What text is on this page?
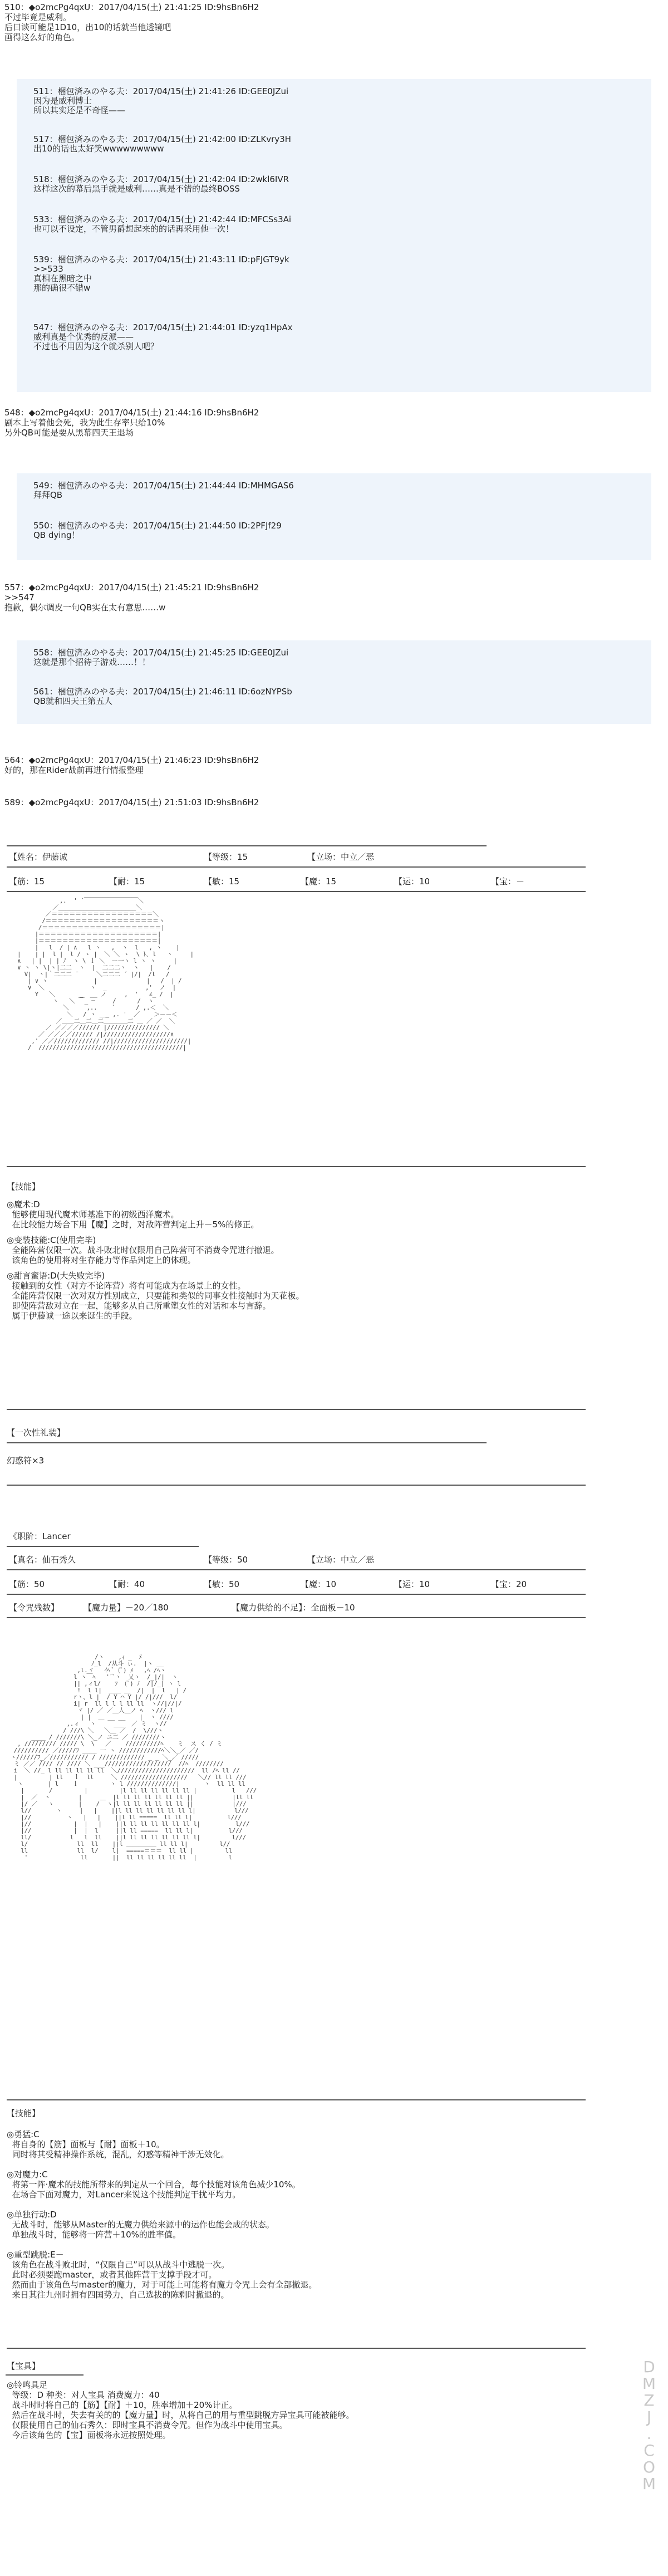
510：◆o2mcPg4qxU：2017/04/15(土) 21:41:25 ID:9hsBn6H2
不过毕竟是威利。
后日谈可能是1D10，出10的话就当他透镜吧
画得这么好的角色。
511：梱包済みのやる夫：2017/04/15(土) 21:41:26 ID:GEE0JZui
因为是威利博士
所以其实还是不奇怪——
517：梱包済みのやる夫：2017/04/15(土) 21:42:00 ID:ZLKvry3H
出10的话也太好笑wwwwwwwww
518：梱包済みのやる夫：2017/04/15(土) 21:42:04 ID:2wkl6IVR
这样这次的幕后黑手就是威利……真是不错的最终BOSS
533：梱包済みのやる夫：2017/04/15(土) 21:42:44 ID:MFCSs3Ai
也可以不设定，不管男爵想起来的的话再采用他一次！
539：梱包済みのやる夫：2017/04/15(土) 21:43:11 ID:pFJGT9yk
>>533
真相在黑暗之中
那的确很不错w
547：梱包済みのやる夫：2017/04/15(土) 21:44:01 ID:yzq1HpAx
威利真是个优秀的反派——
不过也不用因为这个就杀别人吧？
548：◆o2mcPg4qxU：2017/04/15(土) 21:44:16 ID:9hsBn6H2
剧本上写着他会死，我为此生存率只给10%
另外QB可能是要从黑幕四天王退场
549：梱包済みのやる夫：2017/04/15(土) 21:44:44 ID:MHMGAS6
拜拜QB
550：梱包済みのやる夫：2017/04/15(土) 21:44:50 ID:2PFJf29
QB dying！
557：◆o2mcPg4qxU：2017/04/15(土) 21:45:21 ID:9hsBn6H2
>>547
抱歉，偶尔调皮一句QB实在太有意思……w
558：梱包済みのやる夫：2017/04/15(土) 21:45:25 ID:GEE0JZui
这就是那个招待子游戏……！！
561：梱包済みのやる夫：2017/04/15(土) 21:46:11 ID:6ozNYPSb
QB就和四天王第五人
564：◆o2mcPg4qxU：2017/04/15(土) 21:46:23 ID:9hsBn6H2
好的，那在Rider战前再进行情报整理
589：◆o2mcPg4qxU：2017/04/15(土) 21:51:03 ID:9hsBn6H2
【姓名：伊藤诚	【等级：15	【立场：中立／恶
【筋：15	【耐：15	【敏：15	【魔：15	【运：10	【宝：－
,.  ' ´￣￣￣￣￣￣￣￣￣＼
／______________________＼
／＝＝＝＝＝＝＝＝＝＝＝＝＝＝＝＝＝＼
/＝＝＝＝＝＝＝＝＝＝＝＝＝＝＝＝＝＝＝ヽ
/＝＝＝＝＝＝＝＝＝＝＝＝＝＝＝＝＝＝＝＝|
|＝＝＝＝＝＝＝＝＝＝＝＝＝＝＝＝＝＝＝＝|
|＝＝＝＝＝＝＝＝＝＝＝＝＝＝＝＝＝＝＝＝|
|   l  / | ∧   l ヽ   ,  ヽ  l   , ヽ    |
|    | |  l |  l / ヽ |  ＼ ＼ ヽ  \ ﾄ､ l   ヽ     |
∧   | |  | | ﾉ  ヽ \ ｌ ＼  ー一ヽ l ヽ ヽ     |
∨ ヽ ヽ \|ヽ|二二  ヽ  |  二二二ヽ  ヽ   |    /
V|  ヽ|｀二二二 ̄      ＼二二二 ´ |/|  /l   /
| ∨ ヽ             |              |   /  | /
∨  ＼             ヽ  _           ,'  ノ  |
Y   ＼       _  __ ノ     ,  '   ∠_ /  |
ヽ   ＼ ￣_ ─     /      /  ヽ
＼     ,..    ´      / ,.＜  ＼
＼   / ヽ ＿_ ,. '  ／    ＞－－＜
／＿＿二＿二＿二＿＿＿＿二 ＿ ／ ／  ＼
／ ／／／／////// |/////////////// ＼
／ ／／／／////// /|///////////////////∧
,' ／／///////////// //|/////////////////////|
/  /////////////////////////////////////////|
【技能】
◎魔术:D
能够使用现代魔术师基准下的初级西洋魔术。
在比较能力场合下用【魔】之时，对敌阵营判定上升－5%的修正。
◎变装技能:C(使用完毕)
全能阵营仅限一次。战斗败北时仅限用自己阵营可不消费令咒进行撤退。
该角色的使用将对生存能力等作品判定上的体现。
◎甜言蜜语:D(大失败完毕)
接触到的女性（对方不论阵营）将有可能成为在场景上的女性。
全能阵营仅限一次对双方性别成立，只要能和类似的同事女性接触时为天花板。
即使阵营敌对立在一起，能够多从自己所重塑女性的对话和本与言辞。
属于伊藤诚一途以来诞生的手段。
【一次性礼装】
幻惑符×3
《职阶：Lancer
【真名：仙石秀久	【等级：50	【立场：中立／恶
【筋：50	【耐：40	【敏：50	【魔：10	【运：10	【宝：20
【令咒残数】	【魔力量】－20／180	【魔力供给的不足】：全面板－10
/ヽ    ,ｨ _  ﾒ
ﾉ_l  /从斗 ぃ.  |ヽ __
,l.ヾ   ｲﾍ ﾞ (ﾟ) ﾒ   ,ﾍ /ﾍヽ
l ヽ￣ﾍ   '´ﾞヽ  乂ヽ  /_|/|  ヽ
|| ,ィl/    ﾌ  (ﾟ) ﾉ  /|/_| ヽ l
!  l l|  ＿＿ ＿  /|  |  l   | /
rヽ、l |  / Y ⌒ Y |/ /|///  l/
i| r  ll l l l ll ll  ヽ//|//|/
ヾ |/ ／ ／＿人＿ノ ﾍ  ヽ/// l
| |  ＿ __ __    |  ヽ ////
,.ィ   ヽ     ___  ／ ミ  ヽ//
/ ///\ ＼   ＼＿ ／  /  \///ヽ
____ / ///////\ ＼_ノ ニ二 ／ ////////ヽ
, ///////// ///// \  \   ／    //////////ﾍ    ミ  ス く / ミ
////////// ／/////ﾌ ____ 一 ヽ ////////////ﾍ＼＼_／ ／/
ヽ//////ﾌ_／/////////// / ///////////// _ _ ＼_／ /////
ミ ／／ //// // //// ＼ ___///////////////////  //ﾍ  ////////
i  ＼ //_ l ll ll ll ll ll  ＼//////////////////////  ll /ﾍ ll //
|         | ll   ｌ  ll     ＼ ///////////////////   ＼// ll ll ///
ヽ       | l    ｌ         ヽ l //////////////|       ヽ  ll ll ll
|       /         |         |l ll ll ll ll ll ll |          l   ///
|  ／  ヽ        |     ＿  |l ll ll ll ll ll ll ||           |ll ll
|/ ／   ヽ       |    /  ヽ|l ll ll ll ll ll ll ||           |///
l//       ヽ     |   |    ||l ll ll ll ll ll ll l|           l///
|//          ヽ   |   |    ||l ll =====  ll ll l|          l///
|//            |  |   |    ||l ll ll ll ll ll ll l|          l///
|//            |  |  l     ||l ll =====  ll ll l|          l///
ll/           l   l  ll    ||l ll ll ll ll ll ll l|         l///
l/              ll  ll    ||l ＿＿＿＿＿ ll ll l|         l//
ll              ll  l/    l|  =====＝＝＝  ll ll |         ll
'               ll       ||  ll ll ll ll ll ll  |         l
【技能】
◎勇猛:C
将自身的【筋】面板与【耐】面板＋10。
同时将其受精神操作系统，混乱，幻惑等精神干涉无效化。
◎对魔力:C
将第一阵·魔术的技能所带来的判定从一个回合，每个技能对该角色减少10%。
在场合下面对魔力，对Lancer来说这个技能判定干扰平均力。
◎单独行动:D
无战斗时，能够从Master的无魔力供给来源中的运作也能会成的状态。
单独战斗时，能够将一阵营＋10%的胜率值。
◎重型跳脱:E－
该角色在战斗败北时，“仅限自己”可以从战斗中逃脱一次。
此时必须要跑master，或者其他阵营干支撑手段才可。
然而由于该角色与master的魔力，对于可能上可能将有魔力令咒上会有全部撤退。
来日其往九州时拥有四国势力，自己选拔的陈剩时撤退的。
【宝具】
◎铃鸣具足
等级：D 种类：对人宝具 消费魔力：40
战斗时时将自己的【筋】【耐】＋10，胜率增加＋20%计正。
然后在战斗时，失去有关的的【魔力量】时，从将自己的用与重型跳脱方异宝具可能被能够。
仅限使用自己的仙石秀久：即时宝具不消费令咒。但作为战斗中使用宝具。
今后该角色的【宝】面板将永远按照处理。
D
M
Z
J
.
C
O
M
